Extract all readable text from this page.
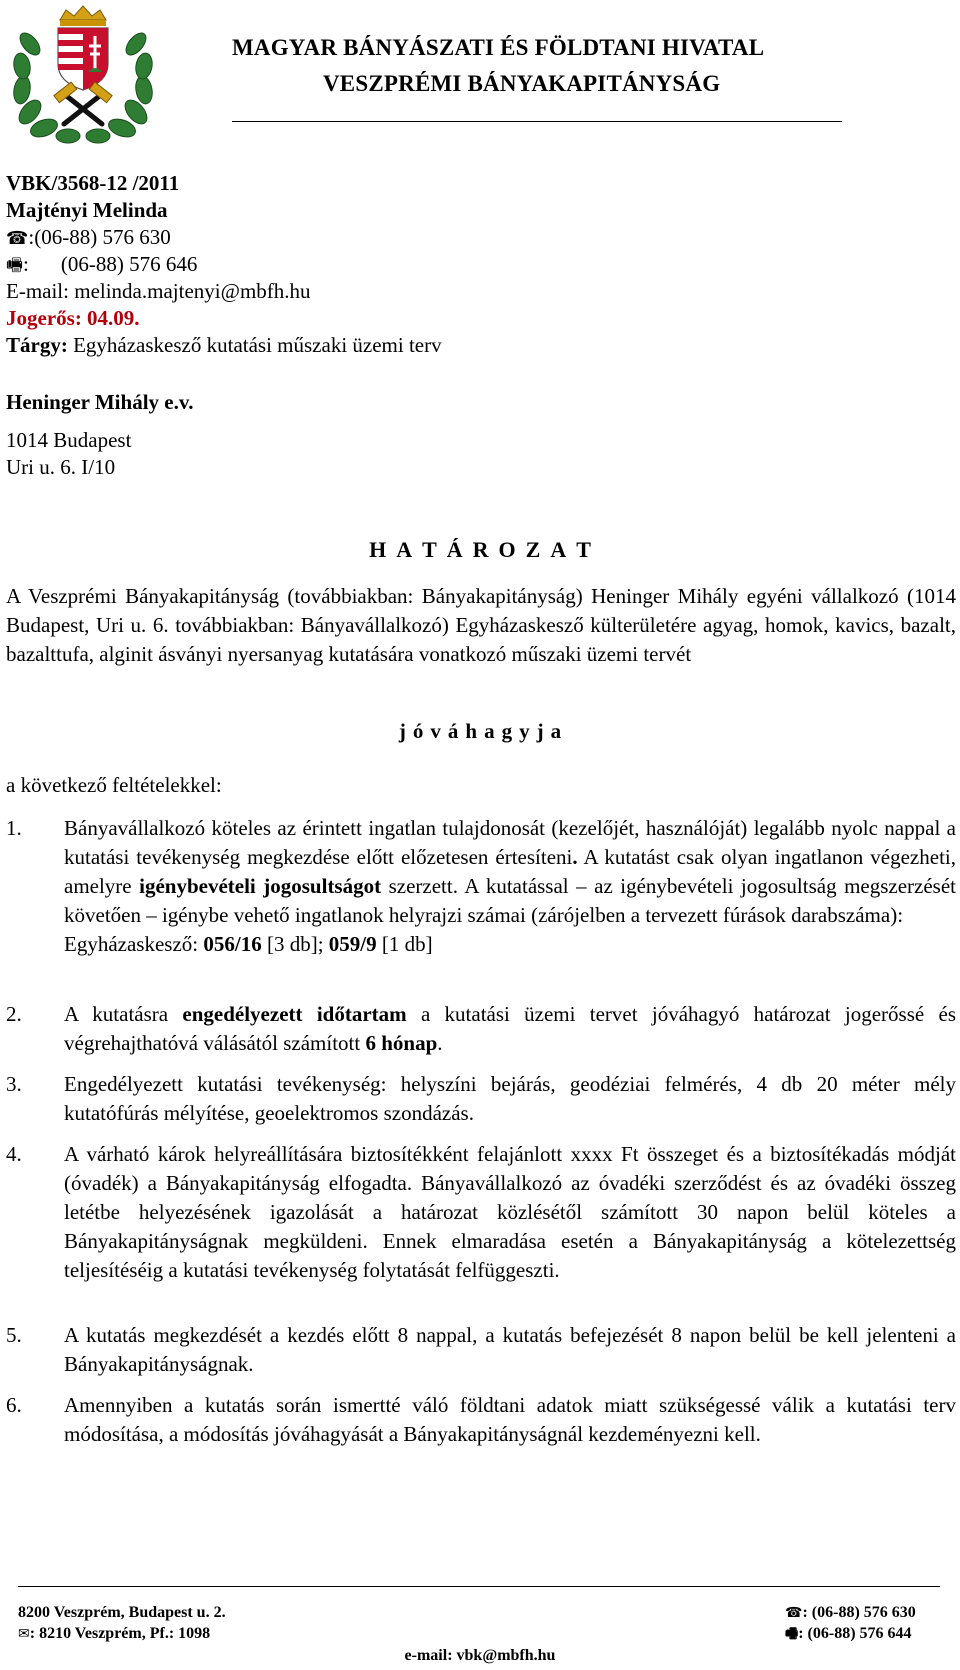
MAGYAR BÁNYÁSZATI ÉS FÖLDTANI HIVATAL
VESZPRÉMI BÁNYAKAPITÁNYSÁG
VBK/3568-12 /2011
Majtényi Melinda
☎:(06-88) 576 630
🖷: (06-88) 576 646
E-mail: melinda.majtenyi@mbfh.hu
Jogerős: 04.09.
Tárgy: Egyházaskesző kutatási műszaki üzemi terv
Heninger Mihály e.v.
1014 Budapest
Uri u. 6. I/10
H A T Á R O Z A T
A Veszprémi Bányakapitányság (továbbiakban: Bányakapitányság) Heninger Mihály egyéni vállalkozó (1014 Budapest, Uri u. 6. továbbiakban: Bányavállalkozó) Egyházaskesző külterületére agyag, homok, kavics, bazalt, bazalttufa, alginit ásványi nyersanyag kutatására vonatkozó műszaki üzemi tervét
j ó v á h a g y j a
a következő feltételekkel:
1.	Bányavállalkozó köteles az érintett ingatlan tulajdonosát (kezelőjét, használóját) legalább nyolc nappal a kutatási tevékenység megkezdése előtt előzetesen értesíteni. A kutatást csak olyan ingatlanon végezheti, amelyre igénybevételi jogosultságot szerzett. A kutatással – az igénybevételi jogosultság megszerzését követően – igénybe vehető ingatlanok helyrajzi számai (zárójelben a tervezett fúrások darabszáma):
Egyházaskesző: 056/16 [3 db]; 059/9 [1 db]
2.	A kutatásra engedélyezett időtartam a kutatási üzemi tervet jóváhagyó határozat jogerőssé és végrehajthatóvá válásától számított 6 hónap.
3.	Engedélyezett kutatási tevékenység: helyszíni bejárás, geodéziai felmérés, 4 db 20 méter mély kutatófúrás mélyítése, geoelektromos szondázás.
4.	A várható károk helyreállítására biztosítékként felajánlott xxxx Ft összeget és a biztosítékadás módját (óvadék) a Bányakapitányság elfogadta. Bányavállalkozó az óvadéki szerződést és az óvadéki összeg letétbe helyezésének igazolását a határozat közlésétől számított 30 napon belül köteles a Bányakapitányságnak megküldeni. Ennek elmaradása esetén a Bányakapitányság a kötelezettség teljesítéséig a kutatási tevékenység folytatását felfüggeszti.
5.	A kutatás megkezdését a kezdés előtt 8 nappal, a kutatás befejezését 8 napon belül be kell jelenteni a Bányakapitányságnak.
6.	Amennyiben a kutatás során ismertté váló földtani adatok miatt szükségessé válik a kutatási terv módosítása, a módosítás jóváhagyását a Bányakapitányságnál kezdeményezni kell.
8200 Veszprém, Budapest u. 2.
✉: 8210 Veszprém, Pf.: 1098
☎: (06-88) 576 630
🖷: (06-88) 576 644
e-mail: vbk@mbfh.hu
